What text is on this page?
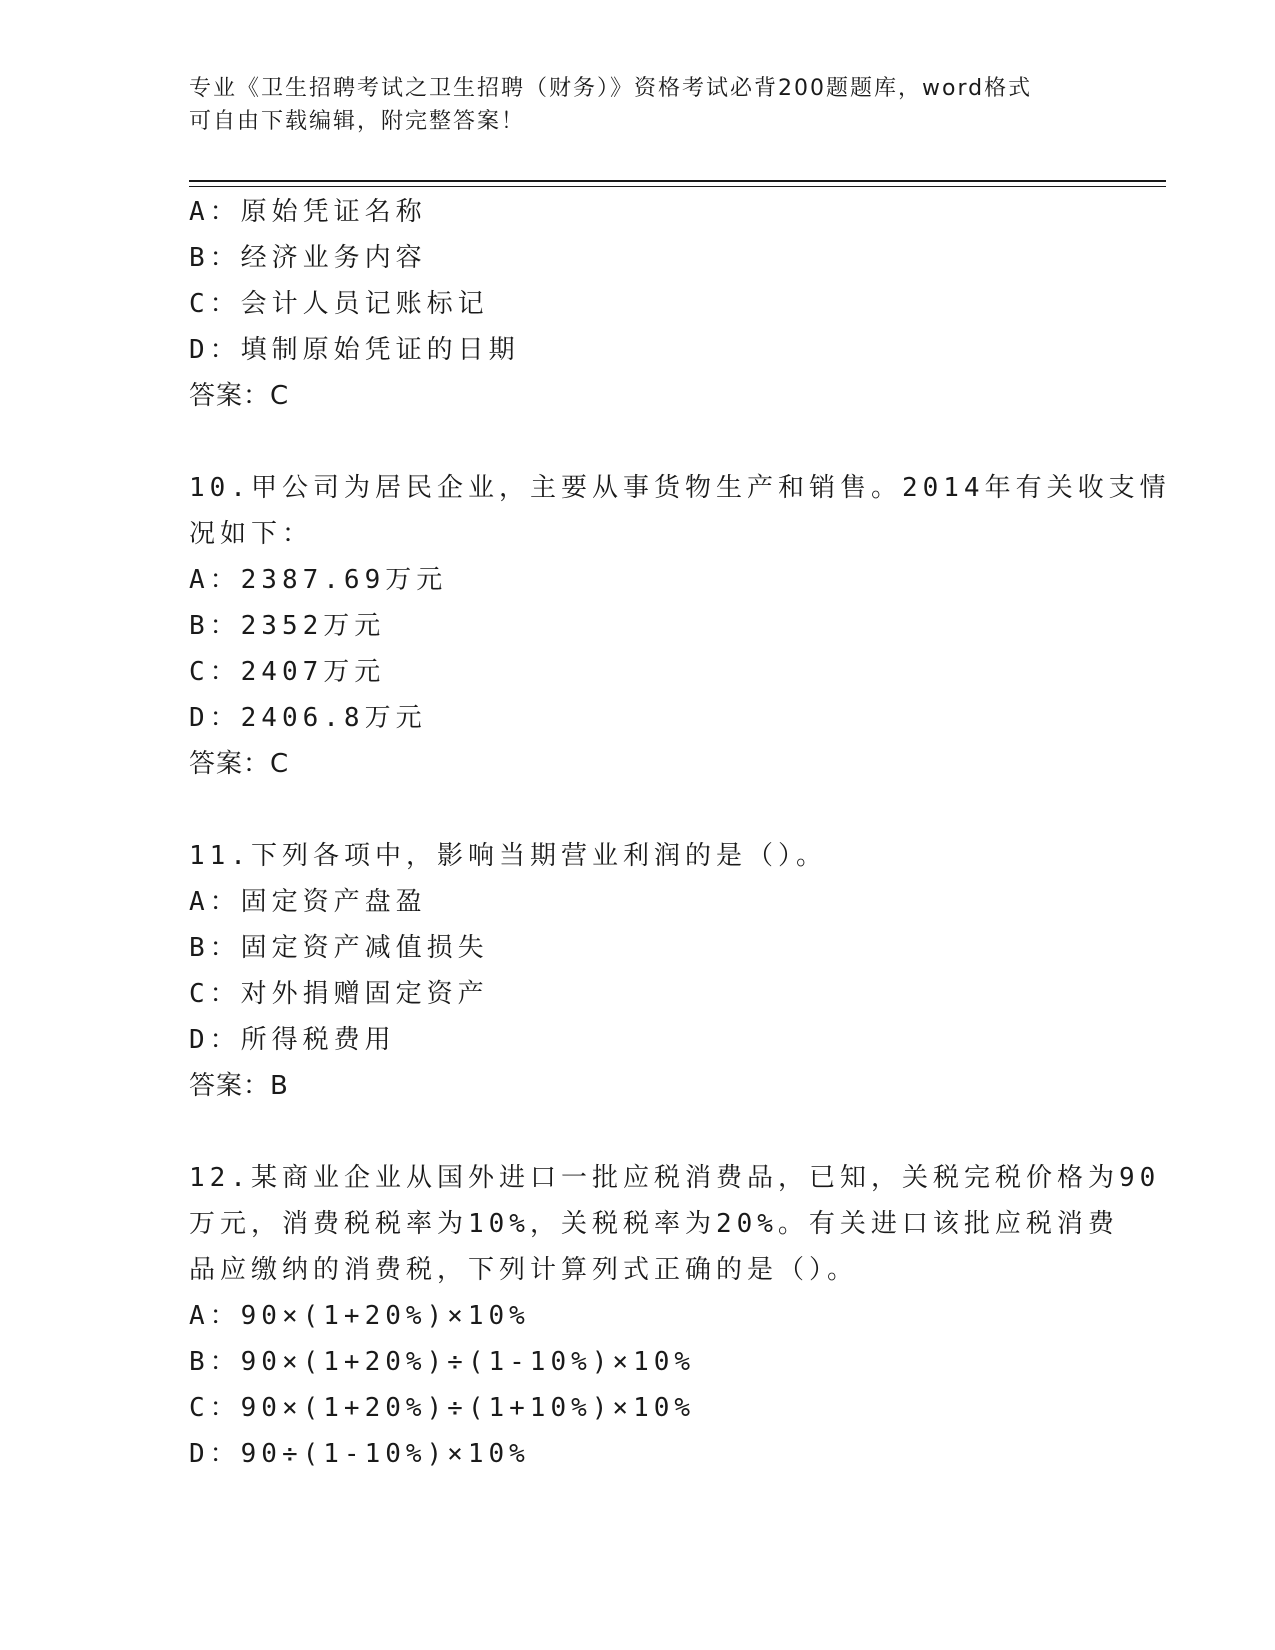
专业《卫生招聘考试之卫生招聘（财务）》资格考试必背200题题库，word格式
可自由下载编辑，附完整答案！
A：原始凭证名称
B：经济业务内容
C：会计人员记账标记
D：填制原始凭证的日期
答案：C
10.甲公司为居民企业，主要从事货物生产和销售。2014年有关收支情
况如下：
A：2387.69万元
B：2352万元
C：2407万元
D：2406.8万元
答案：C
11.下列各项中，影响当期营业利润的是（）。
A：固定资产盘盈
B：固定资产减值损失
C：对外捐赠固定资产
D：所得税费用
答案：B
12.某商业企业从国外进口一批应税消费品，已知，关税完税价格为90
万元，消费税税率为10%，关税税率为20%。有关进口该批应税消费
品应缴纳的消费税，下列计算列式正确的是（）。
A：90×(1+20%)×10%
B：90×(1+20%)÷(1-10%)×10%
C：90×(1+20%)÷(1+10%)×10%
D：90÷(1-10%)×10%
